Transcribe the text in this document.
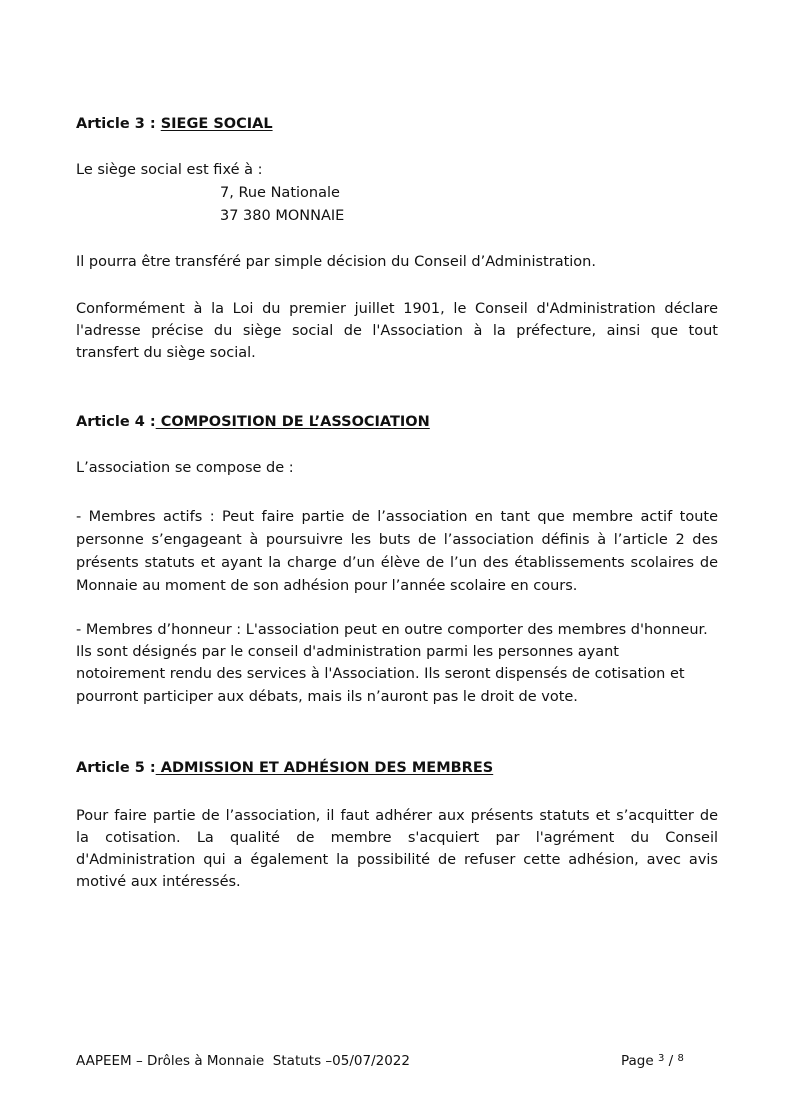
Article 3 : SIEGE SOCIAL
Le siège social est fixé à :
7, Rue Nationale
37 380 MONNAIE
Il pourra être transféré par simple décision du Conseil d’Administration.
Conformément à la Loi du premier juillet 1901, le Conseil d'Administration déclare
l'adresse précise du siège social de l'Association à la préfecture, ainsi que tout
transfert du siège social.
Article 4 : COMPOSITION DE L’ASSOCIATION
L’association se compose de :
- Membres actifs : Peut faire partie de l’association en tant que membre actif toute
personne s’engageant à poursuivre les buts de l’association définis à l’article 2 des
présents statuts et ayant la charge d’un élève de l’un des établissements scolaires de
Monnaie au moment de son adhésion pour l’année scolaire en cours.
- Membres d’honneur : L'association peut en outre comporter des membres d'honneur.
Ils sont désignés par le conseil d'administration parmi les personnes ayant
notoirement rendu des services à l'Association. Ils seront dispensés de cotisation et
pourront participer aux débats, mais ils n’auront pas le droit de vote.
Article 5 : ADMISSION ET ADHÉSION DES MEMBRES
Pour faire partie de l’association, il faut adhérer aux présents statuts et s’acquitter de
la cotisation. La qualité de membre s'acquiert par l'agrément du Conseil
d'Administration qui a également la possibilité de refuser cette adhésion, avec avis
motivé aux intéressés.
AAPEEM – Drôles à Monnaie  Statuts –05/07/2022	Page $^3$ / $^8$
